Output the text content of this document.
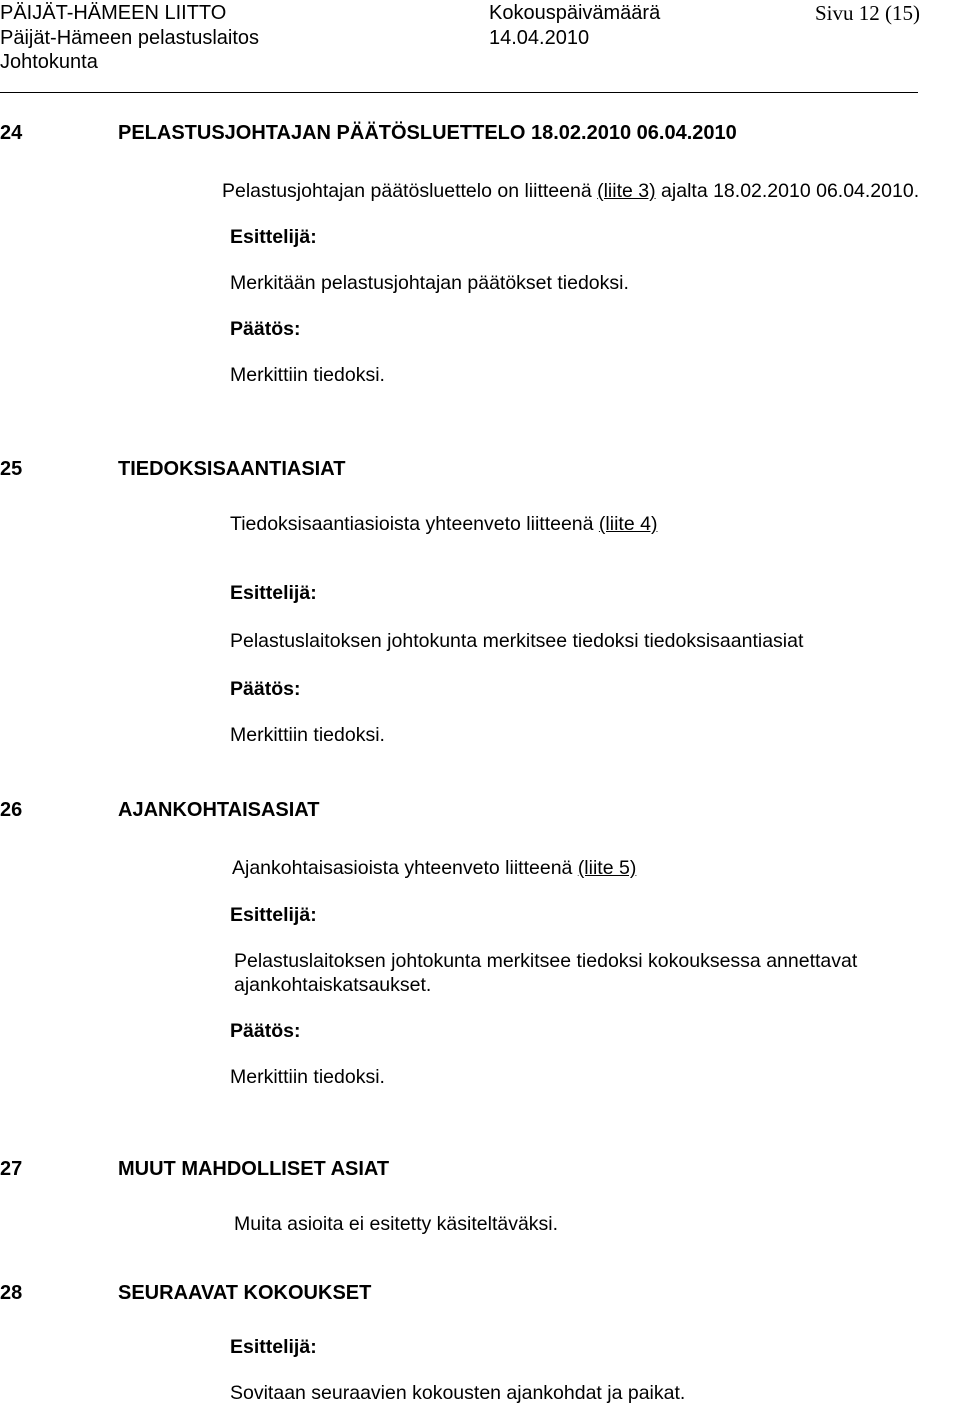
PÄIJÄT-HÄMEEN LIITTO
Päijät-Hämeen pelastuslaitos
Johtokunta
Kokouspäivämäärä
14.04.2010
Sivu 12 (15)
24	PELASTUSJOHTAJAN PÄÄTÖSLUETTELO 18.02.2010 06.04.2010
Pelastusjohtajan päätösluettelo on liitteenä (liite 3) ajalta 18.02.2010 06.04.2010.
Esittelijä:
Merkitään pelastusjohtajan päätökset tiedoksi.
Päätös:
Merkittiin tiedoksi.
25	TIEDOKSISAANTIASIAT
Tiedoksisaantiasioista yhteenveto liitteenä (liite 4)
Esittelijä:
Pelastuslaitoksen johtokunta merkitsee tiedoksi tiedoksisaantiasiat
Päätös:
Merkittiin tiedoksi.
26	AJANKOHTAISASIAT
Ajankohtaisasioista yhteenveto liitteenä (liite 5)
Esittelijä:
Pelastuslaitoksen johtokunta merkitsee tiedoksi kokouksessa annettavat
ajankohtaiskatsaukset.
Päätös:
Merkittiin tiedoksi.
27	MUUT MAHDOLLISET ASIAT
Muita asioita ei esitetty käsiteltäväksi.
28	SEURAAVAT KOKOUKSET
Esittelijä:
Sovitaan seuraavien kokousten ajankohdat ja paikat.
